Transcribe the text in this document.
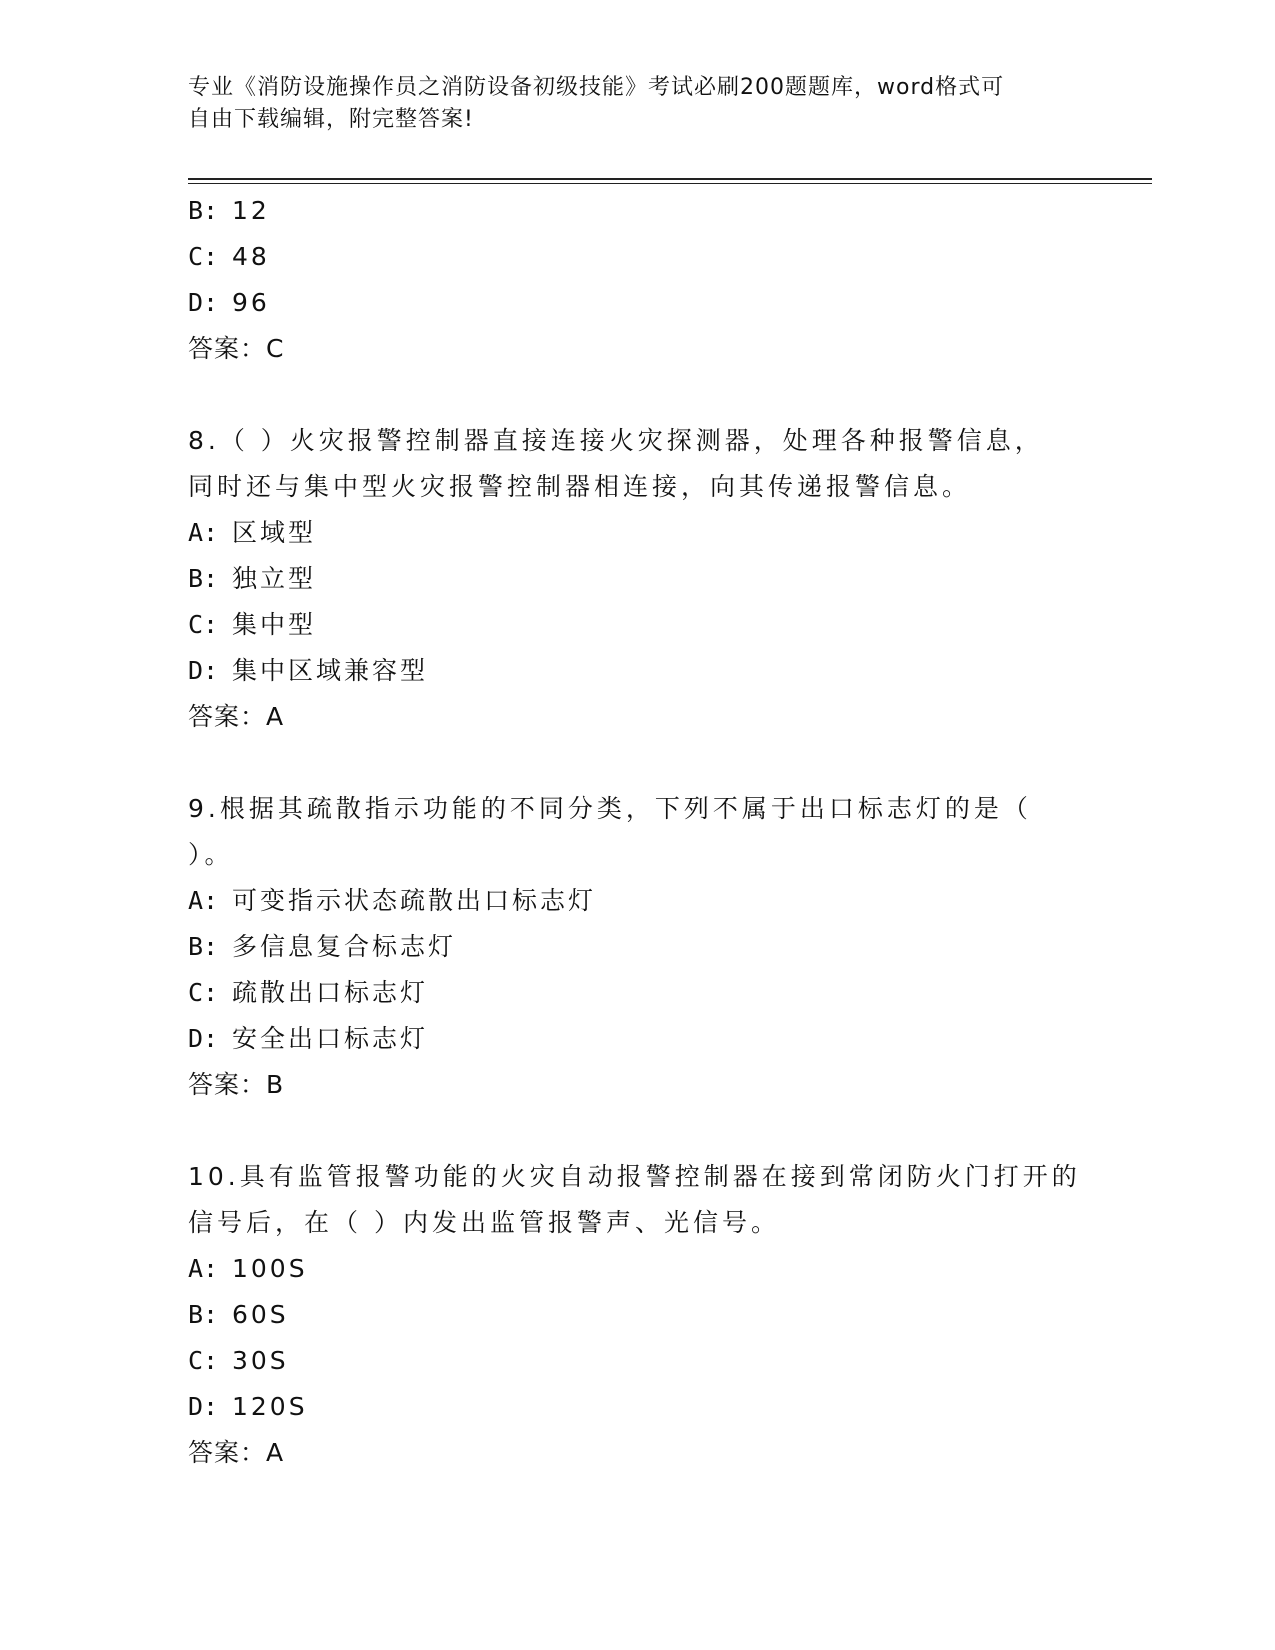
专业《消防设施操作员之消防设备初级技能》考试必刷200题题库，word格式可
自由下载编辑，附完整答案!
B: 12
C: 48
D: 96
答案：C
8.（ ）火灾报警控制器直接连接火灾探测器，处理各种报警信息，
同时还与集中型火灾报警控制器相连接，向其传递报警信息。
A: 区域型
B: 独立型
C: 集中型
D: 集中区域兼容型
答案：A
9.根据其疏散指示功能的不同分类，下列不属于出口标志灯的是（
）。
A: 可变指示状态疏散出口标志灯
B: 多信息复合标志灯
C: 疏散出口标志灯
D: 安全出口标志灯
答案：B
10.具有监管报警功能的火灾自动报警控制器在接到常闭防火门打开的
信号后，在（ ）内发出监管报警声、光信号。
A: 100S
B: 60S
C: 30S
D: 120S
答案：A
